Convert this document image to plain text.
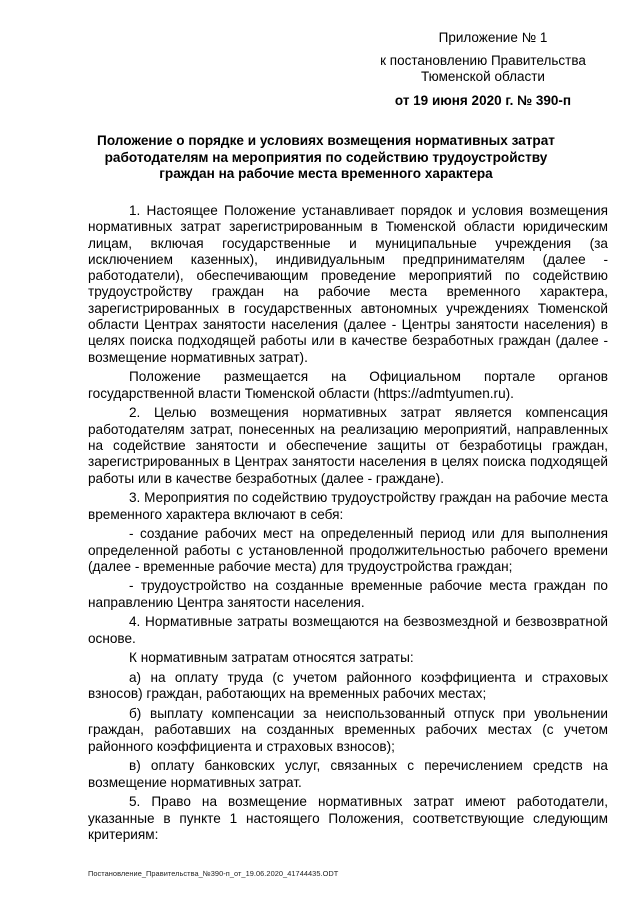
Приложение № 1
к постановлению Правительства
Тюменской области
от 19 июня 2020 г. № 390-п
Положение о порядке и условиях возмещения нормативных затрат работодателям на мероприятия по содействию трудоустройству граждан на рабочие места временного характера

1. Настоящее Положение устанавливает порядок и условия возмещения нормативных затрат зарегистрированным в Тюменской области юридическим лицам, включая государственные и муниципальные учреждения (за исключением казенных), индивидуальным предпринимателям (далее - работодатели), обеспечивающим проведение мероприятий по содействию трудоустройству граждан на рабочие места временного характера, зарегистрированных в государственных автономных учреждениях Тюменской области Центрах занятости населения (далее - Центры занятости населения) в целях поиска подходящей работы или в качестве безработных граждан (далее - возмещение нормативных затрат).

Положение размещается на Официальном портале органов государственной власти Тюменской области (https://admtyumen.ru).

2. Целью возмещения нормативных затрат является компенсация работодателям затрат, понесенных на реализацию мероприятий, направленных на содействие занятости и обеспечение защиты от безработицы граждан, зарегистрированных в Центрах занятости населения в целях поиска подходящей работы или в качестве безработных (далее - граждане).

3. Мероприятия по содействию трудоустройству граждан на рабочие места временного характера включают в себя:

- создание рабочих мест на определенный период или для выполнения определенной работы с установленной продолжительностью рабочего времени (далее - временные рабочие места) для трудоустройства граждан;

- трудоустройство на созданные временные рабочие места граждан по направлению Центра занятости населения.

4. Нормативные затраты возмещаются на безвозмездной и безвозвратной основе.

К нормативным затратам относятся затраты:

а) на оплату труда (с учетом районного коэффициента и страховых взносов) граждан, работающих на временных рабочих местах;

б) выплату компенсации за неиспользованный отпуск при увольнении граждан, работавших на созданных временных рабочих местах (с учетом районного коэффициента и страховых взносов);

в) оплату банковских услуг, связанных с перечислением средств на возмещение нормативных затрат.

5. Право на возмещение нормативных затрат имеют работодатели, указанные в пункте 1 настоящего Положения, соответствующие следующим критериям:

Постановление_Правительства_№390-п_от_19.06.2020_41744435.ODT
